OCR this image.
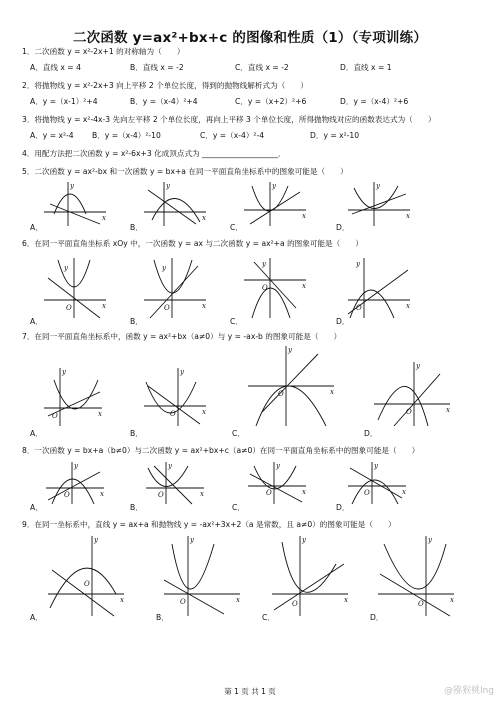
二次函数 y=ax²+bx+c 的图像和性质（1）（专项训练）
1．二次函数 y = x²-2x+1 的对称轴为（　　）
A．直线 x = 4	B．直线 x = -2	C．直线 x = -2	D．直线 x = 1
2．将抛物线 y = x²-2x+3 向上平移 2 个单位长度，得到的抛物线解析式为（　　）
A．y =（x-1）²+4	B．y =（x-4）²+4	C．y =（x+2）²+6	D．y =（x-4）²+6
3．将抛物线 y = x²-4x-3 先向左平移 2 个单位长度，再向上平移 3 个单位长度，所得抛物线对应的函数表达式为（　　）
A．y = x²-4 B．y =（x-4）²-10	C．y =（x-4）²-4	D．y = x²-10
4．用配方法把二次函数 y = x²-6x+3 化成顶点式为 ____________________．
5．二次函数 y = ax²-bx 和一次函数 y = bx+a 在同一平面直角坐标系中的图象可能是（　　）
A．	B．	C．	D．
x
y
x
y
x
y
x
y
6．在同一平面直角坐标系 xOy 中，一次函数 y = ax 与二次函数 y = ax²+a 的图象可能是（　　）
A．	B．	C．	D．
x
y
O	x
y
O
x
y
O
x
y
O
7．在同一平面直角坐标系中，函数 y = ax²+bx（a≠0）与 y = -ax-b 的图象可能是（　　）
A．	B．	C．	D．
x
y
O	x
y
O
x
y
O
x
y
O
8．一次函数 y = bx+a（b≠0）与二次函数 y = ax²+bx+c（a≠0）在同一平面直角坐标系中的图象可能是（　　）
A．	B．	C．	D．
x
y
O	x
y
O	x
y
O	x
y
O
9．在同一坐标系中，直线 y = ax+a 和抛物线 y = -ax²+3x+2（a 是常数，且 a≠0）的图象可能是（　　）
A．	B．	C．	D．
x
y
O
x
y
O	x
y
O	x
y
O
第 1 页 共 1 页	@猕猴桃lng
